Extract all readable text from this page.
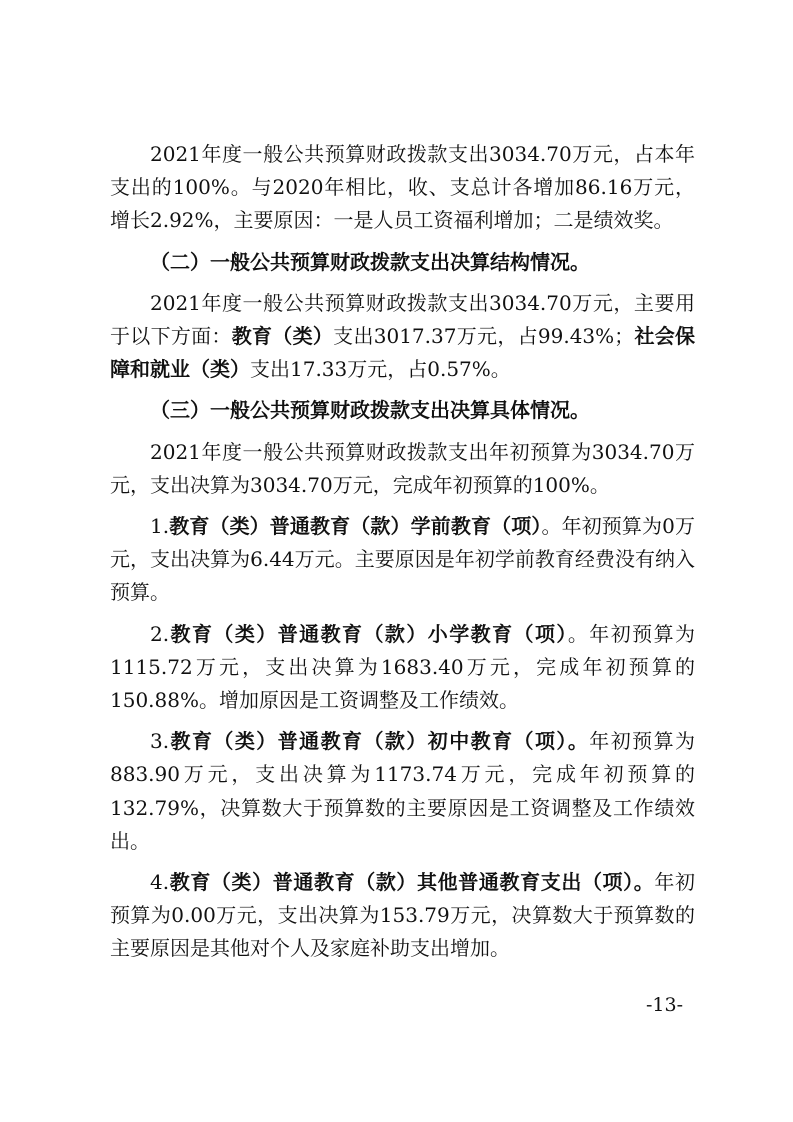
2021年度一般公共预算财政拨款支出3034.70万元，占本年支出的100%。与2020年相比，收、支总计各增加86.16万元，增长2.92%，主要原因：一是人员工资福利增加；二是绩效奖。

（二）一般公共预算财政拨款支出决算结构情况。

2021年度一般公共预算财政拨款支出3034.70万元，主要用于以下方面：教育（类）支出3017.37万元，占99.43%；社会保障和就业（类）支出17.33万元，占0.57%。

（三）一般公共预算财政拨款支出决算具体情况。

2021年度一般公共预算财政拨款支出年初预算为3034.70万元，支出决算为3034.70万元，完成年初预算的100%。

1.教育（类）普通教育（款）学前教育（项）。年初预算为0万元，支出决算为6.44万元。主要原因是年初学前教育经费没有纳入预算。

2.教育（类）普通教育（款）小学教育（项）。年初预算为1115.72万元，支出决算为1683.40万元，完成年初预算的150.88%。增加原因是工资调整及工作绩效。

3.教育（类）普通教育（款）初中教育（项）。年初预算为883.90万元，支出决算为1173.74万元，完成年初预算的132.79%，决算数大于预算数的主要原因是工资调整及工作绩效出。

4.教育（类）普通教育（款）其他普通教育支出（项）。年初预算为0.00万元，支出决算为153.79万元，决算数大于预算数的主要原因是其他对个人及家庭补助支出增加。

-13-
